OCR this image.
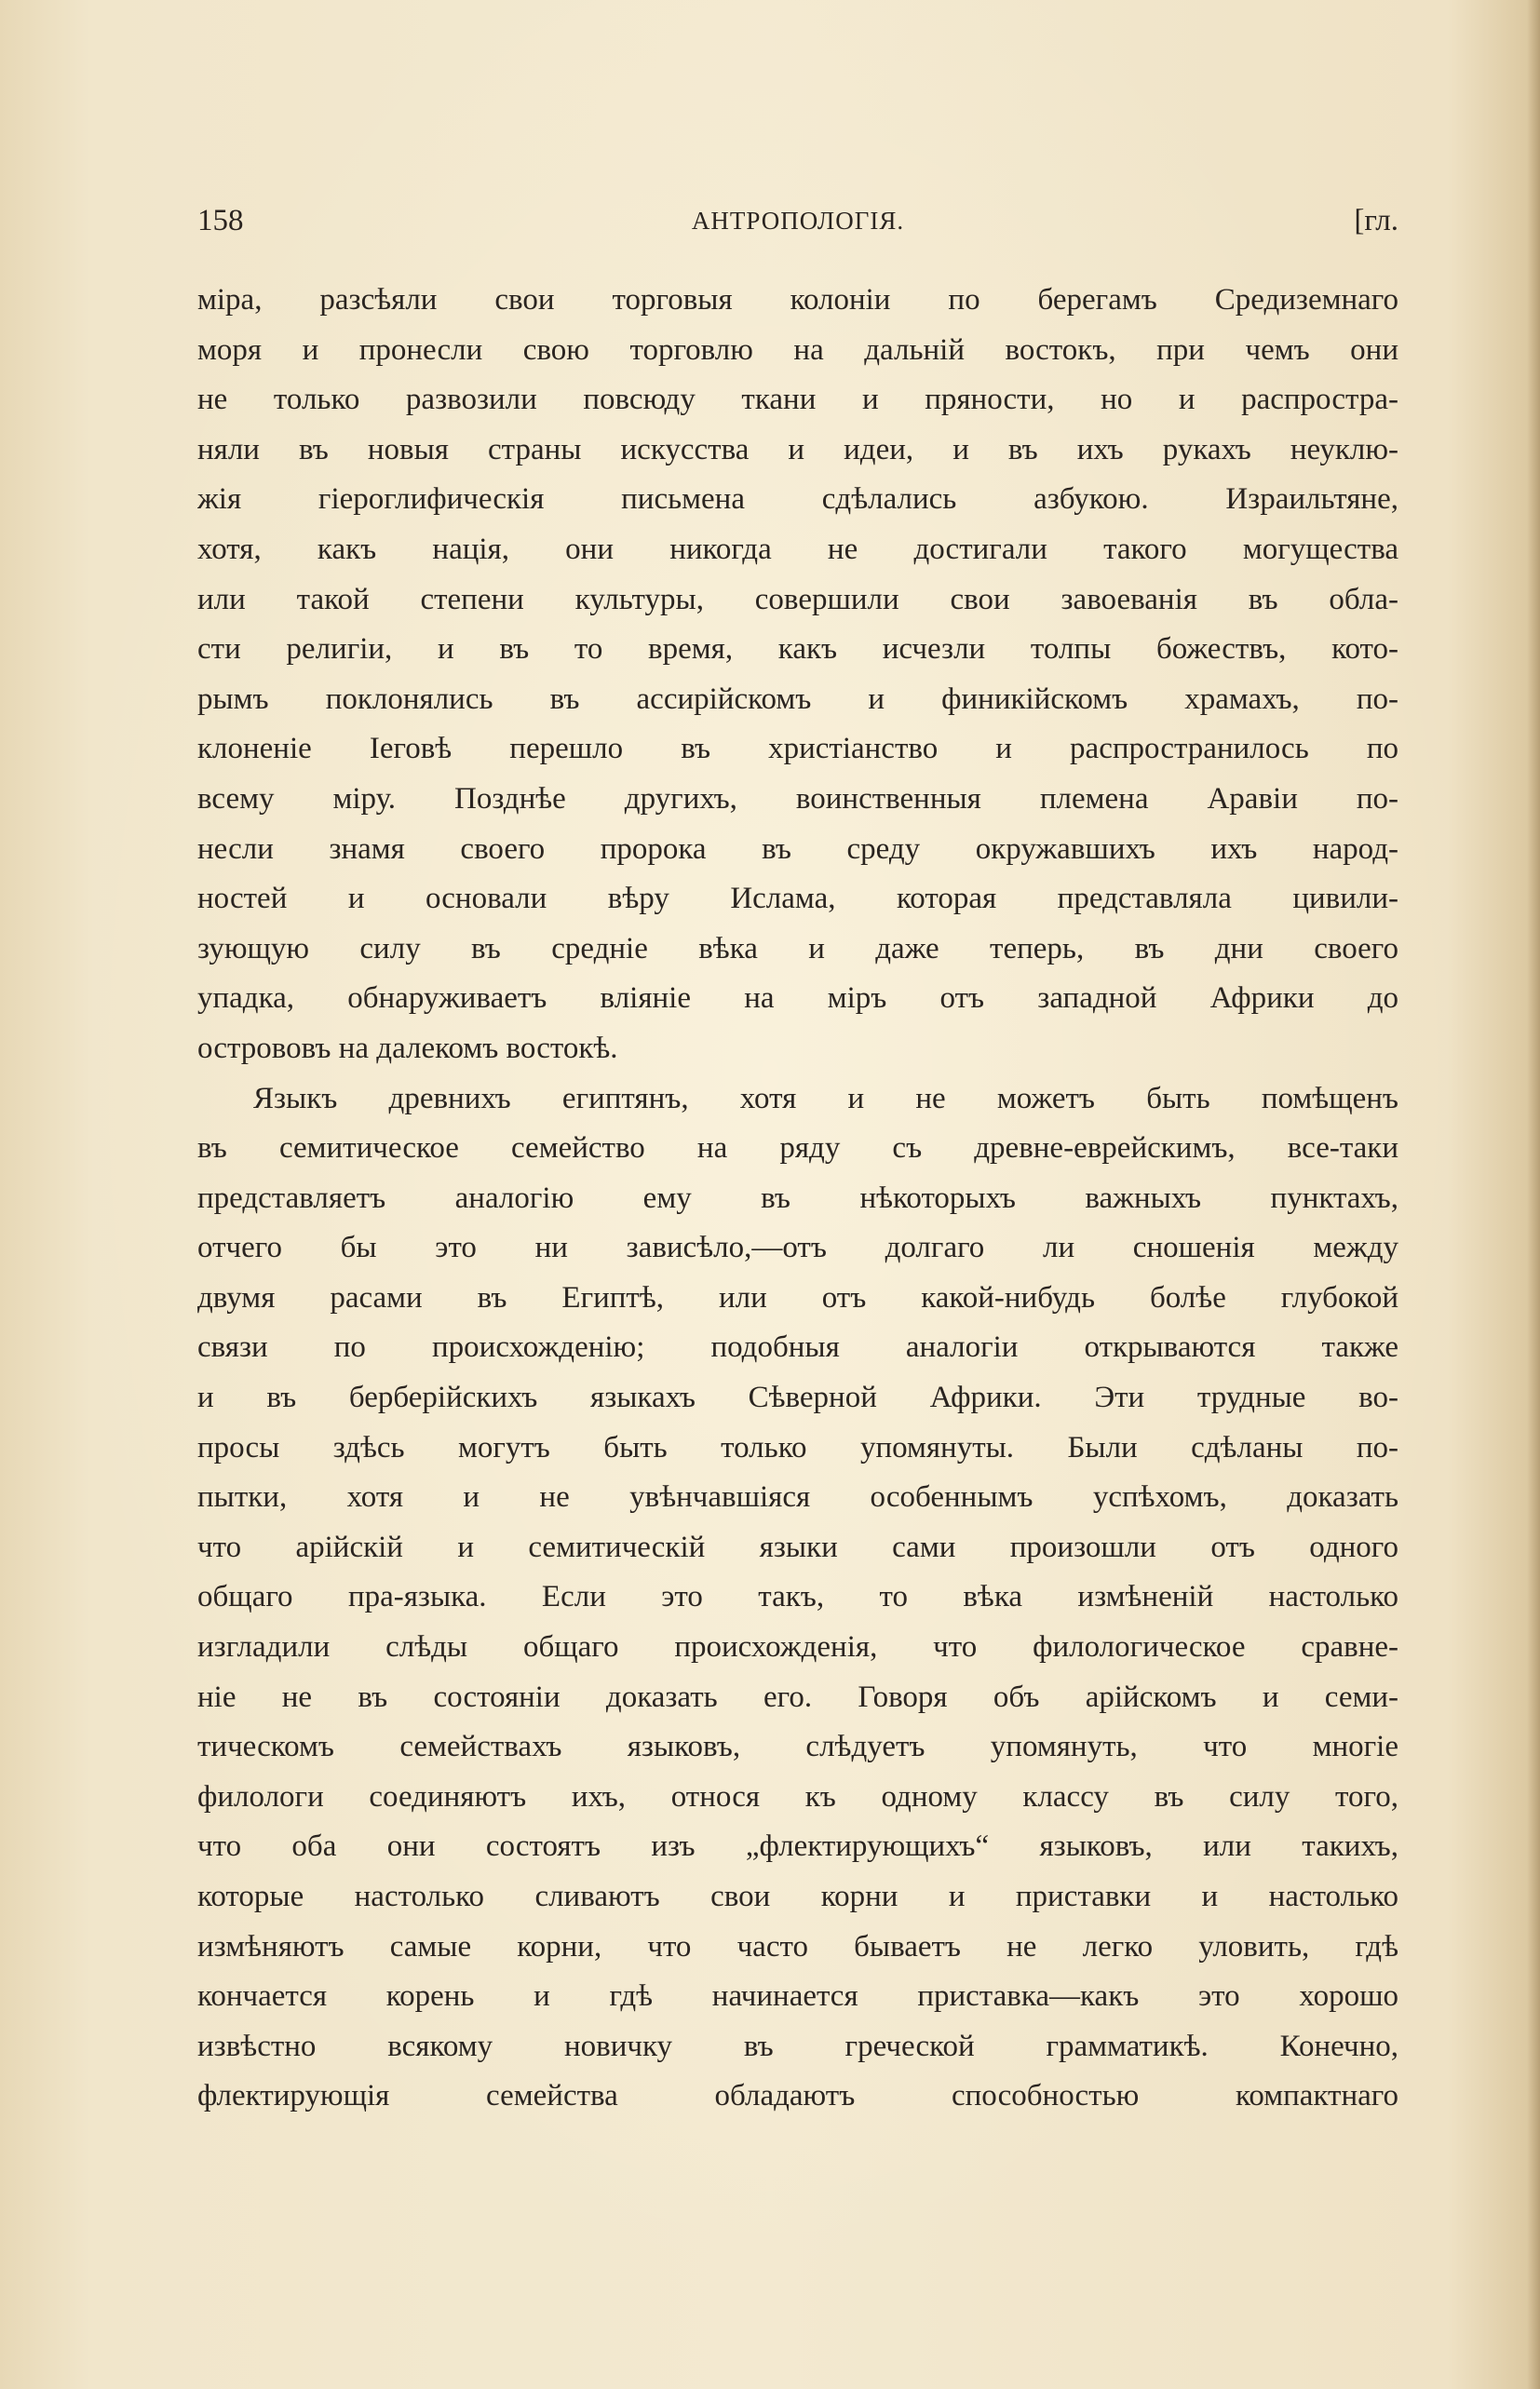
158	АНТРОПОЛОГІЯ.	[гл.
міра, разсѣяли свои торговыя колоніи по берегамъ Средиземнаго
моря и пронесли свою торговлю на дальній востокъ, при чемъ они
не только развозили повсюду ткани и пряности, но и распростра-
няли въ новыя страны искусства и идеи, и въ ихъ рукахъ неуклю-
жія гіероглифическія письмена сдѣлались азбукою. Израильтяне,
хотя, какъ нація, они никогда не достигали такого могущества
или такой степени культуры, совершили свои завоеванія въ обла-
сти религіи, и въ то время, какъ исчезли толпы божествъ, кото-
рымъ поклонялись въ ассирійскомъ и финикійскомъ храмахъ, по-
клоненіе Іеговѣ перешло въ христіанство и распространилось по
всему міру. Позднѣе другихъ, воинственныя племена Аравіи по-
несли знамя своего пророка въ среду окружавшихъ ихъ народ-
ностей и основали вѣру Ислама, которая представляла цивили-
зующую силу въ средніе вѣка и даже теперь, въ дни своего
упадка, обнаруживаетъ вліяніе на міръ отъ западной Африки до
острововъ на далекомъ востокѣ.
Языкъ древнихъ египтянъ, хотя и не можетъ быть помѣщенъ
въ семитическое семейство на ряду съ древне-еврейскимъ, все-таки
представляетъ аналогію ему въ нѣкоторыхъ важныхъ пунктахъ,
отчего бы это ни зависѣло,—отъ долгаго ли сношенія между
двумя расами въ Египтѣ, или отъ какой-нибудь болѣе глубокой
связи по происхожденію; подобныя аналогіи открываются также
и въ берберійскихъ языкахъ Сѣверной Африки. Эти трудные во-
просы здѣсь могутъ быть только упомянуты. Были сдѣланы по-
пытки, хотя и не увѣнчавшіяся особеннымъ успѣхомъ, доказать
что арійскій и семитическій языки сами произошли отъ одного
общаго пра-языка. Если это такъ, то вѣка измѣненій настолько
изгладили слѣды общаго происхожденія, что филологическое сравне-
ніе не въ состояніи доказать его. Говоря объ арійскомъ и семи-
тическомъ семействахъ языковъ, слѣдуетъ упомянуть, что многіе
филологи соединяютъ ихъ, относя къ одному классу въ силу того,
что оба они состоятъ изъ „флектирующихъ“ языковъ, или такихъ,
которые настолько сливаютъ свои корни и приставки и настолько
измѣняютъ самые корни, что часто бываетъ не легко уловить, гдѣ
кончается корень и гдѣ начинается приставка—какъ это хорошо
извѣстно всякому новичку въ греческой грамматикѣ. Конечно,
флектирующія семейства обладаютъ способностью компактнаго
